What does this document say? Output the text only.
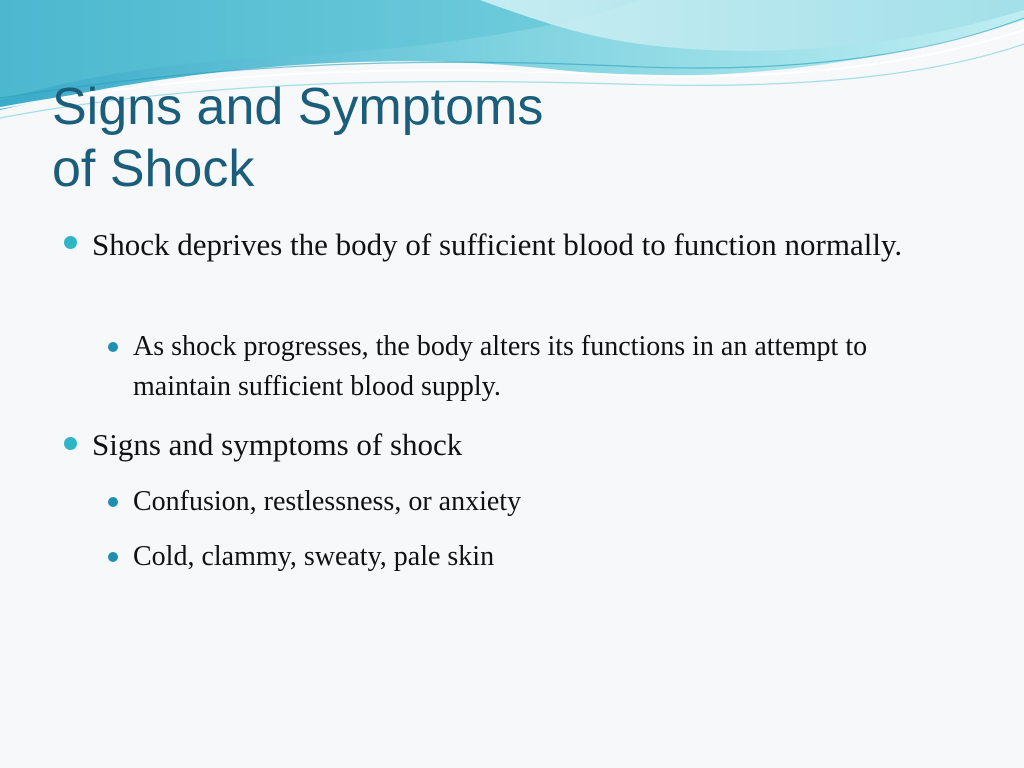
Signs and Symptoms
of Shock
Shock deprives the body of sufficient blood to function normally.
As shock progresses, the body alters its functions in an attempt to maintain sufficient blood supply.
Signs and symptoms of shock
Confusion, restlessness, or anxiety
Cold, clammy, sweaty, pale skin
